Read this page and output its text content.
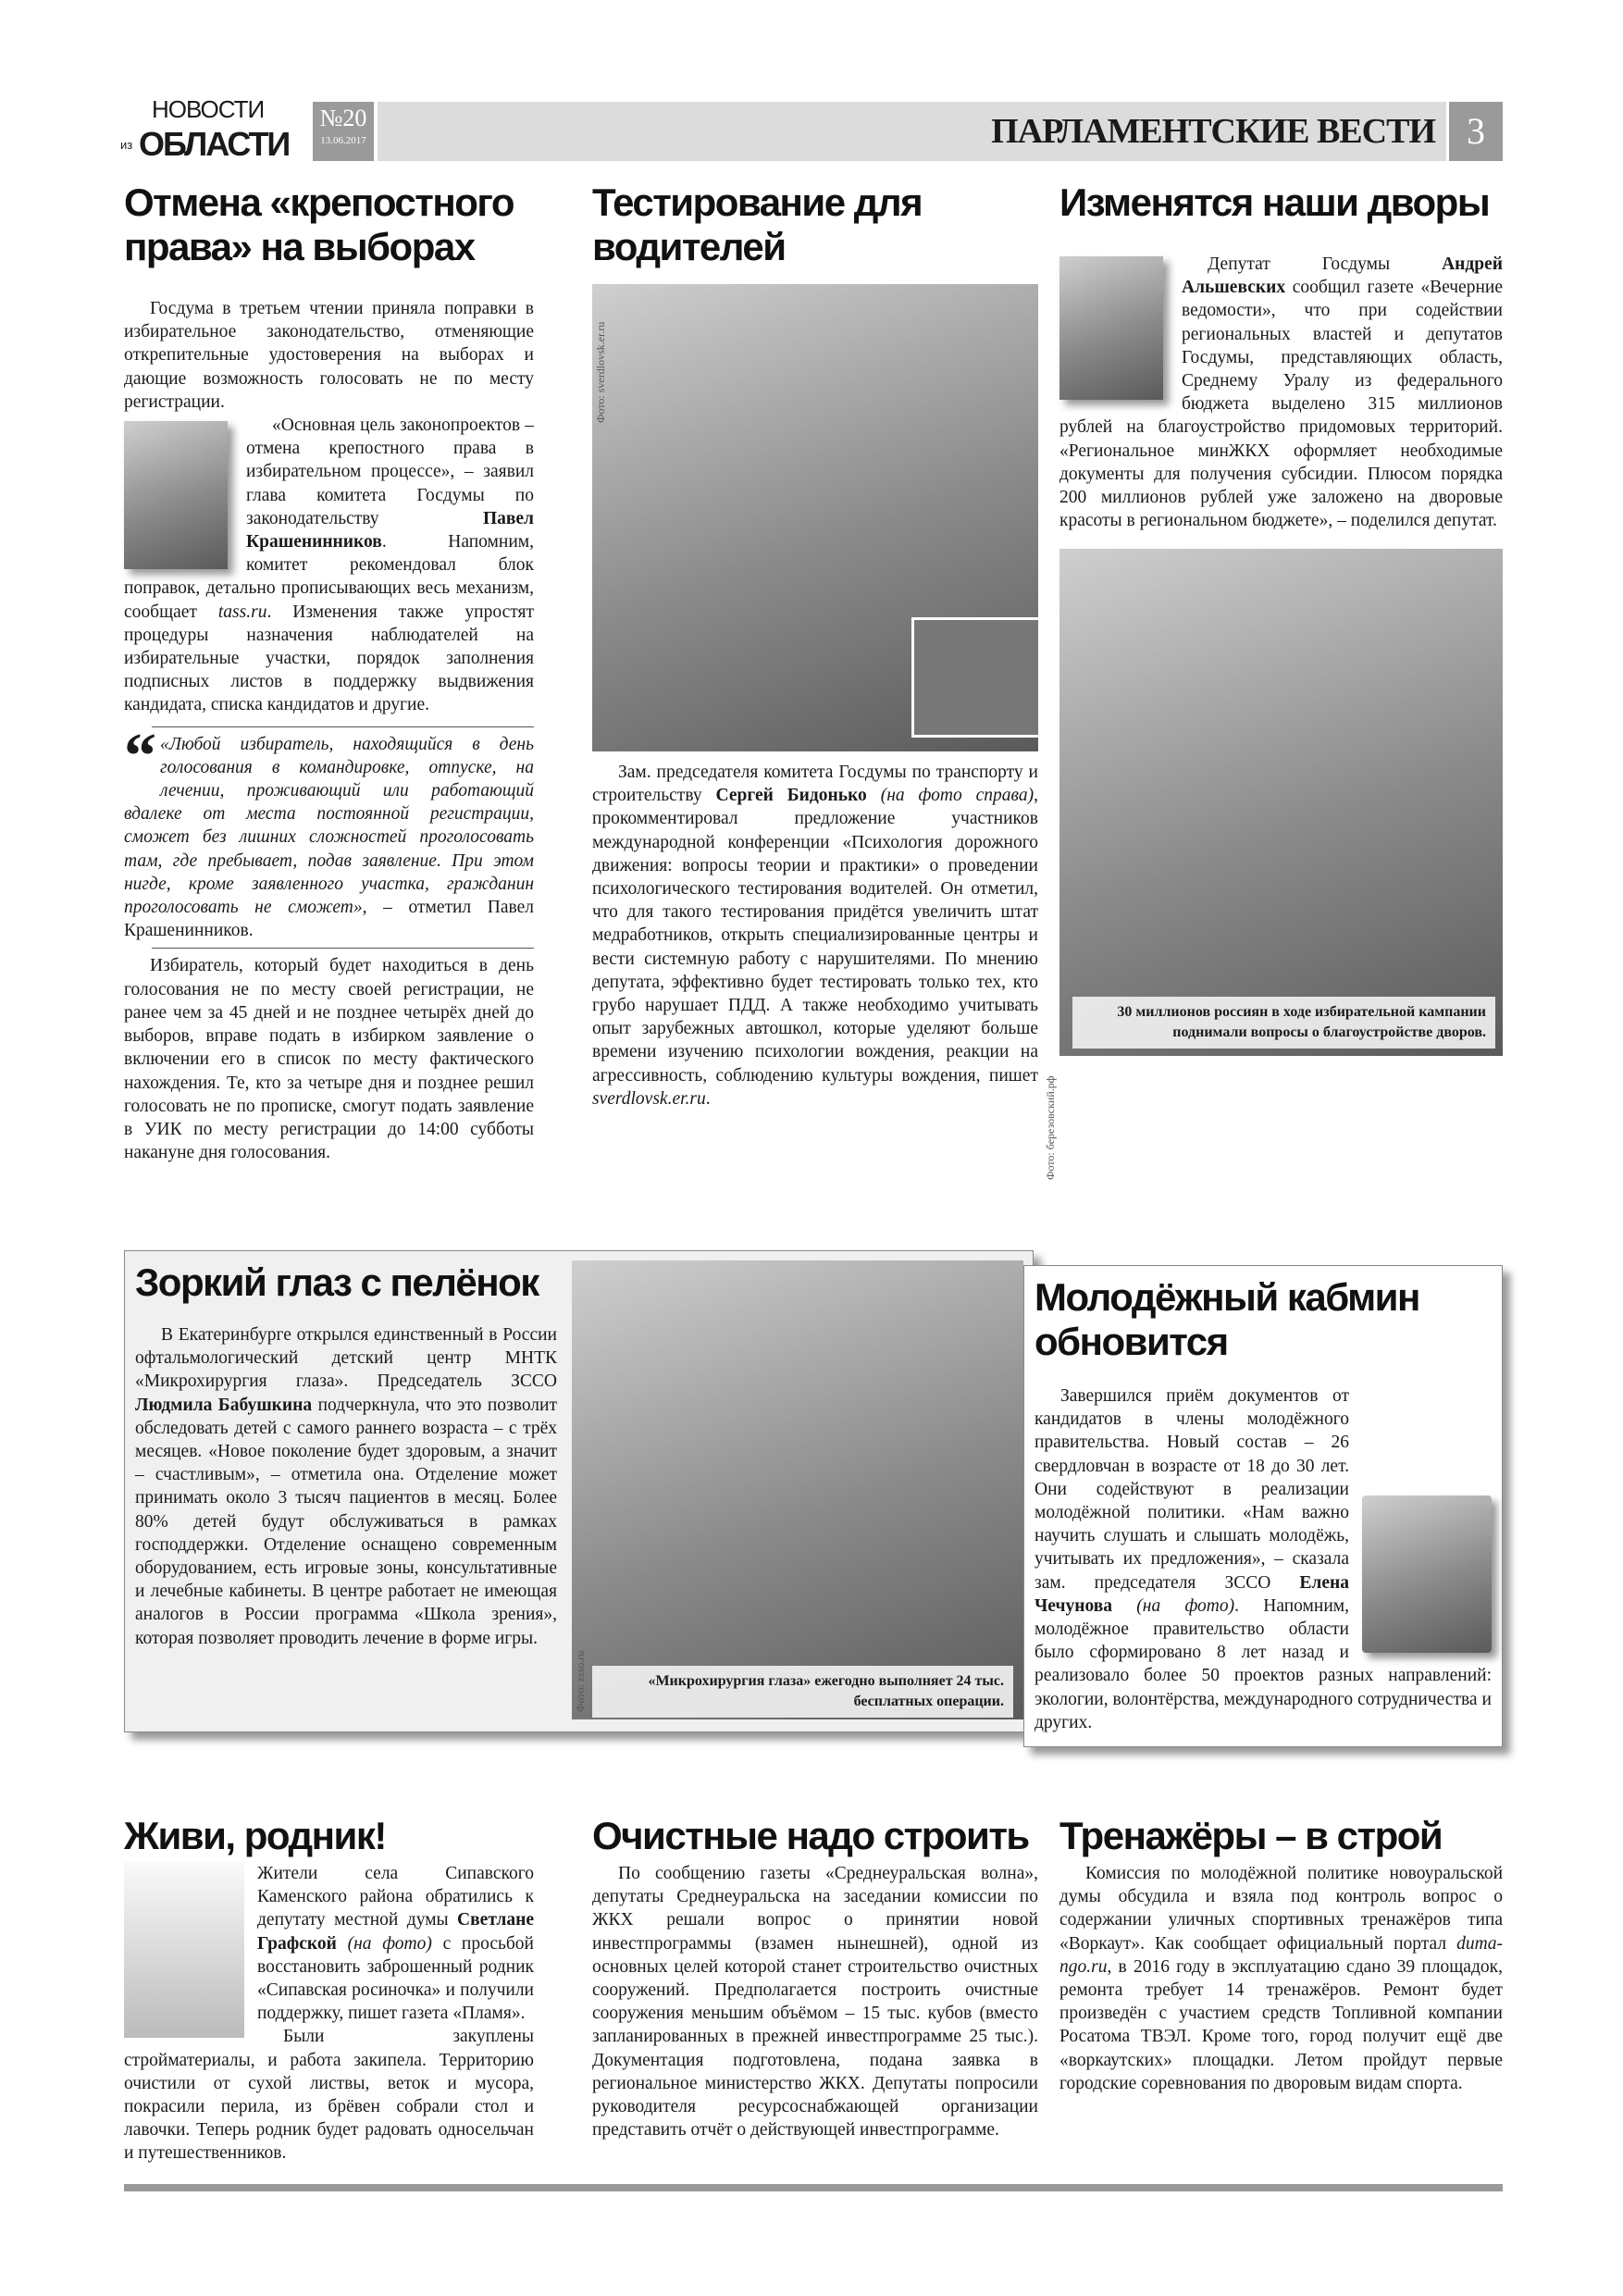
НОВОСТИ
из ОБЛАСТИ
№20
13.06.2017	ПАРЛАМЕНТСКИЕ ВЕСТИ 3
Отмена «крепостного права» на выборах

Госдума в третьем чтении приняла поправки в избирательное законодательство, отменяющие открепительные удостоверения на выборах и дающие возможность голосовать не по месту регистрации.

«Основная цель законопроектов – отмена крепостного права в избирательном процессе», – заявил глава комитета Госдумы по законодательству Павел Крашенинников. Напомним, комитет рекомендовал блок поправок, детально прописывающих весь механизм, сообщает tass.ru. Изменения также упростят процедуры назначения наблюдателей на избирательные участки, порядок заполнения подписных листов в поддержку выдвижения кандидата, списка кандидатов и другие.

“ «Любой избиратель, находящийся в день голосования в командировке, отпуске, на лечении, проживающий или работающий вдалеке от места постоянной регистрации, сможет без лишних сложностей проголосовать там, где пребывает, подав заявление. При этом нигде, кроме заявленного участка, гражданин проголосовать не сможет», – отметил Павел Крашенинников.

Избиратель, который будет находиться в день голосования не по месту своей регистрации, не ранее чем за 45 дней и не позднее четырёх дней до выборов, вправе подать в избирком заявление о включении его в список по месту фактического нахождения. Те, кто за четыре дня и позднее решил голосовать не по прописке, смогут подать заявление в УИК по месту регистрации до 14:00 субботы накануне дня голосования.

Тестирование для водителей
Фото: sverdlovsk.er.ru

Зам. председателя комитета Госдумы по транспорту и строительству Сергей Бидонько (на фото справа), прокомментировал предложение участников международной конференции «Психология дорожного движения: вопросы теории и практики» о проведении психологического тестирования водителей. Он отметил, что для такого тестирования придётся увеличить штат медработников, открыть специализированные центры и вести системную работу с нарушителями. По мнению депутата, эффективно будет тестировать только тех, кто грубо нарушает ПДД. А также необходимо учитывать опыт зарубежных автошкол, которые уделяют больше времени изучению психологии вождения, реакции на агрессивность, соблюдению культуры вождения, пишет sverdlovsk.er.ru.

Изменятся наши дворы

Депутат Госдумы Андрей Альшевских сообщил газете «Вечерние ведомости», что при содействии региональных властей и депутатов Госдумы, представляющих область, Среднему Уралу из федерального бюджета выделено 315 миллионов рублей на благоустройство придомовых территорий. «Региональное минЖКХ оформляет необходимые документы для получения субсидии. Плюсом порядка 200 миллионов рублей уже заложено на дворовые красоты в региональном бюджете», – поделился депутат.

30 миллионов россиян в ходе избирательной кампании поднимали вопросы о благоустройстве дворов.
Фото: березовский.рф
Зоркий глаз с пелёнок

В Екатеринбурге открылся единственный в России офтальмологический детский центр МНТК «Микрохирургия глаза». Председатель ЗССО Людмила Бабушкина подчеркнула, что это позволит обследовать детей с самого раннего возраста – с трёх месяцев. «Новое поколение будет здоровым, а значит – счастливым», – отметила она. Отделение может принимать около 3 тысяч пациентов в месяц. Более 80% детей будут обслуживаться в рамках господдержки. Отделение оснащено современным оборудованием, есть игровые зоны, консультативные и лечебные кабинеты. В центре работает не имеющая аналогов в России программа «Школа зрения», которая позволяет проводить лечение в форме игры.

«Микрохирургия глаза» ежегодно выполняет 24 тыс. бесплатных операции.
Фото: zsso.ru
Молодёжный кабмин обновится

Завершился приём документов от кандидатов в члены молодёжного правительства. Новый состав – 26 свердловчан в возрасте от 18 до 30 лет. Они содействуют в реализации молодёжной политики. «Нам важно научить слушать и слышать молодёжь, учитывать их предложения», – сказала зам. председателя ЗССО Елена Чечунова (на фото). Напомним, молодёжное правительство области было сформировано 8 лет назад и реализовало более 50 проектов разных направлений: экологии, волонтёрства, международного сотрудничества и других.

Живи, родник!

Жители села Сипавского Каменского района обратились к депутату местной думы Светлане Графской (на фото) с просьбой восстановить заброшенный родник «Сипавская росиночка» и получили поддержку, пишет газета «Пламя».

Были закуплены стройматериалы, и работа закипела. Территорию очистили от сухой листвы, веток и мусора, покрасили перила, из брёвен собрали стол и лавочки. Теперь родник будет радовать односельчан и путешественников.

Очистные надо строить

По сообщению газеты «Среднеуральская волна», депутаты Среднеуральска на заседании комиссии по ЖКХ решали вопрос о принятии новой инвестпрограммы (взамен нынешней), одной из основных целей которой станет строительство очистных сооружений. Предполагается построить очистные сооружения меньшим объёмом – 15 тыс. кубов (вместо запланированных в прежней инвестпрограмме 25 тыс.). Документация подготовлена, подана заявка в региональное министерство ЖКХ. Депутаты попросили руководителя ресурсоснабжающей организации представить отчёт о действующей инвестпрограмме.

Тренажёры – в строй

Комиссия по молодёжной политике новоуральской думы обсудила и взяла под контроль вопрос о содержании уличных спортивных тренажёров типа «Воркаут». Как сообщает официальный портал duma-ngo.ru, в 2016 году в эксплуатацию сдано 39 площадок, ремонта требует 14 тренажёров. Ремонт будет произведён с участием средств Топливной компании Росатома ТВЭЛ. Кроме того, город получит ещё две «воркаутских» площадки. Летом пройдут первые городские соревнования по дворовым видам спорта.
